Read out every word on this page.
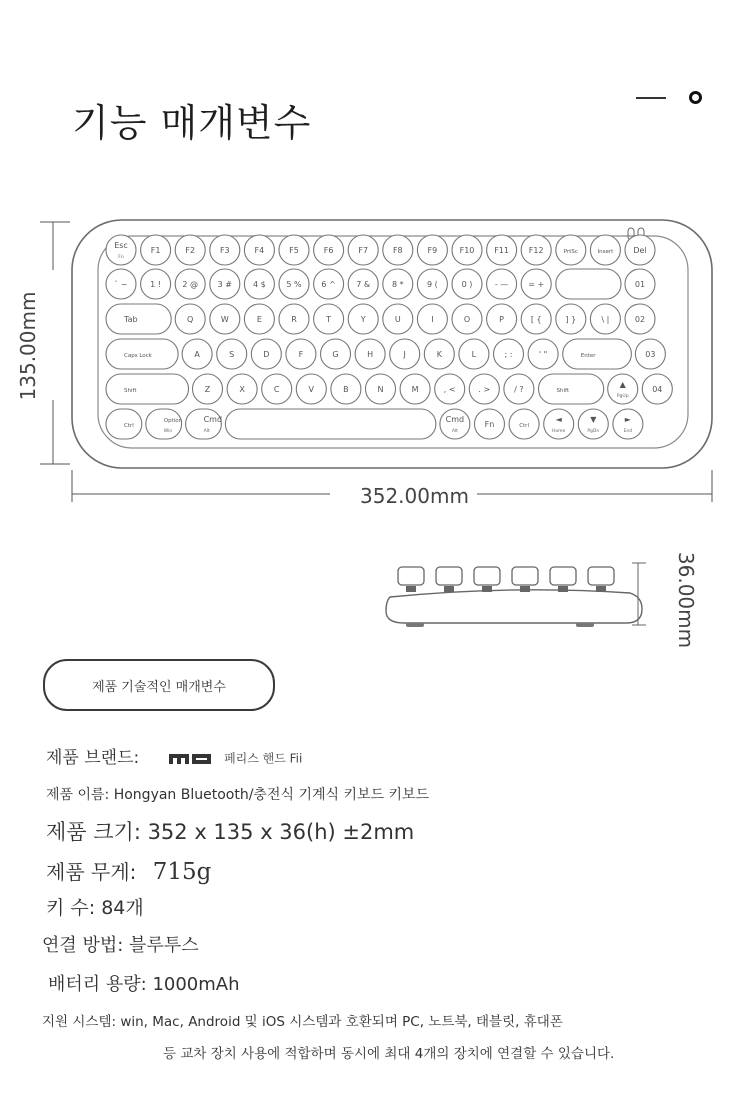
기능 매개변수
Esc
Fn
F1	F2	F3	F4	F5	F6	F7	F8	F9	F10 F11 F12	PrtSc	Insert	Del
` ~	1 !	2 @ 3 #	4 $	5 % 6 ^	7 &	8 *	9 (	0 )	- — = +	01
Tab	Q	W	E	R	T	Y	U	I	O	P	[ {	] }	\ |	02
Caps Lock	A	S	D	F	G	H	J	K	L	; :	' "	Enter	03
Shift	Z	X	C	V	B	N	M	, <	. >	/ ?	Shift
▲
PgUp
04
Ctrl
Option
Win
Cmd
Alt
Cmd
Alt
Fn	Ctrl
◄
Home
▼
PgDn
►
End
135.00mm
352.00mm
36.00mm
제품 기술적인 매개변수
제품 브랜드:	페리스 핸드 Fii
제품 이름: Hongyan Bluetooth/충전식 기계식 키보드 키보드
제품 크기: 352 x 135 x 36(h) ±2mm
제품 무게: 715g
키 수: 84개
연결 방법: 블루투스
배터리 용량: 1000mAh
지원 시스템: win, Mac, Android 및 iOS 시스템과 호환되며 PC, 노트북, 태블릿, 휴대폰
등 교차 장치 사용에 적합하며 동시에 최대 4개의 장치에 연결할 수 있습니다.
